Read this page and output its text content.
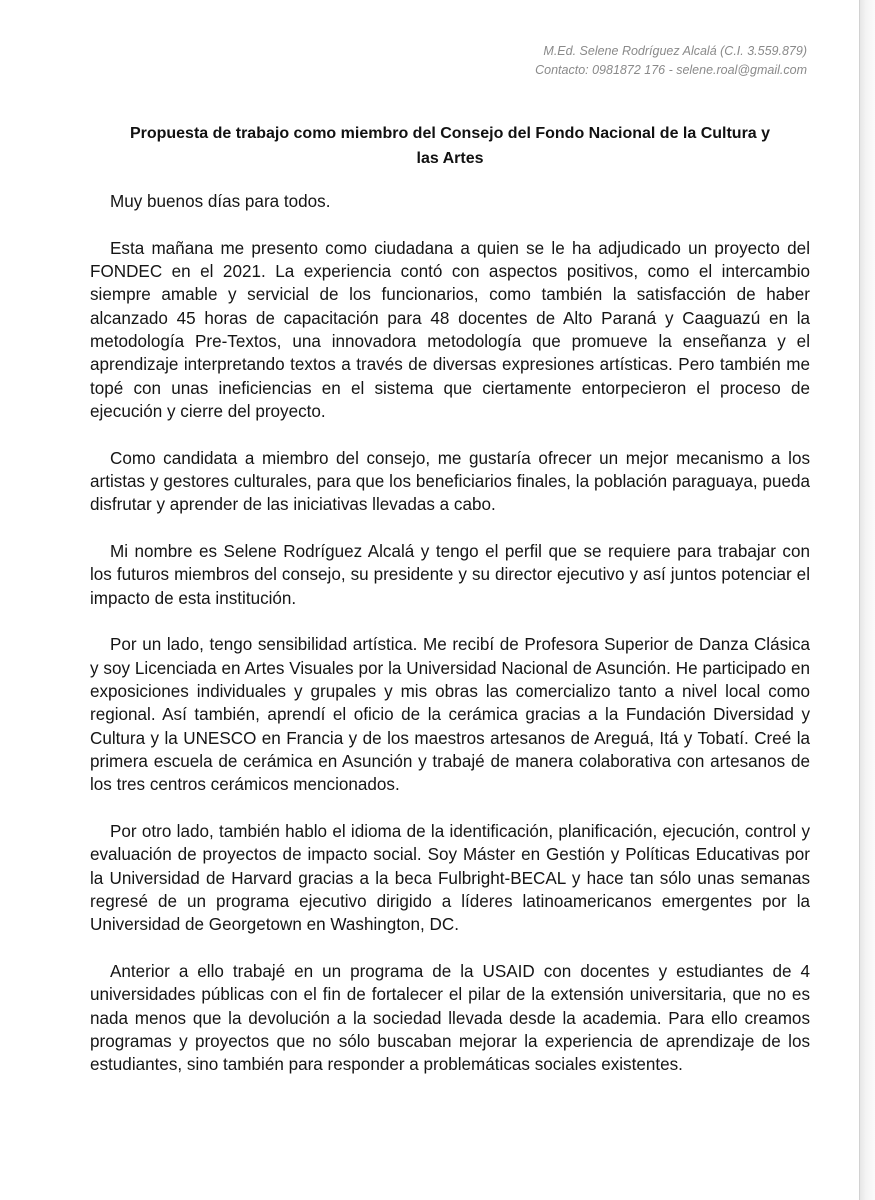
M.Ed. Selene Rodríguez Alcalá (C.I. 3.559.879)
Contacto: 0981872 176 - selene.roal@gmail.com
Propuesta de trabajo como miembro del Consejo del Fondo Nacional de la Cultura y
las Artes

Muy buenos días para todos.

Esta mañana me presento como ciudadana a quien se le ha adjudicado un proyecto del FONDEC en el 2021. La experiencia contó con aspectos positivos, como el intercambio siempre amable y servicial de los funcionarios, como también la satisfacción de haber alcanzado 45 horas de capacitación para 48 docentes de Alto Paraná y Caaguazú en la metodología Pre-Textos, una innovadora metodología que promueve la enseñanza y el aprendizaje interpretando textos a través de diversas expresiones artísticas. Pero también me topé con unas ineficiencias en el sistema que ciertamente entorpecieron el proceso de ejecución y cierre del proyecto.

Como candidata a miembro del consejo, me gustaría ofrecer un mejor mecanismo a los artistas y gestores culturales, para que los beneficiarios finales, la población paraguaya, pueda disfrutar y aprender de las iniciativas llevadas a cabo.

Mi nombre es Selene Rodríguez Alcalá y tengo el perfil que se requiere para trabajar con los futuros miembros del consejo, su presidente y su director ejecutivo y así juntos potenciar el impacto de esta institución.

Por un lado, tengo sensibilidad artística. Me recibí de Profesora Superior de Danza Clásica y soy Licenciada en Artes Visuales por la Universidad Nacional de Asunción. He participado en exposiciones individuales y grupales y mis obras las comercializo tanto a nivel local como regional. Así también, aprendí el oficio de la cerámica gracias a la Fundación Diversidad y Cultura y la UNESCO en Francia y de los maestros artesanos de Areguá, Itá y Tobatí. Creé la primera escuela de cerámica en Asunción y trabajé de manera colaborativa con artesanos de los tres centros cerámicos mencionados.

Por otro lado, también hablo el idioma de la identificación, planificación, ejecución, control y evaluación de proyectos de impacto social. Soy Máster en Gestión y Políticas Educativas por la Universidad de Harvard gracias a la beca Fulbright-BECAL y hace tan sólo unas semanas regresé de un programa ejecutivo dirigido a líderes latinoamericanos emergentes por la Universidad de Georgetown en Washington, DC.

Anterior a ello trabajé en un programa de la USAID con docentes y estudiantes de 4 universidades públicas con el fin de fortalecer el pilar de la extensión universitaria, que no es nada menos que la devolución a la sociedad llevada desde la academia. Para ello creamos programas y proyectos que no sólo buscaban mejorar la experiencia de aprendizaje de los estudiantes, sino también para responder a problemáticas sociales existentes.
